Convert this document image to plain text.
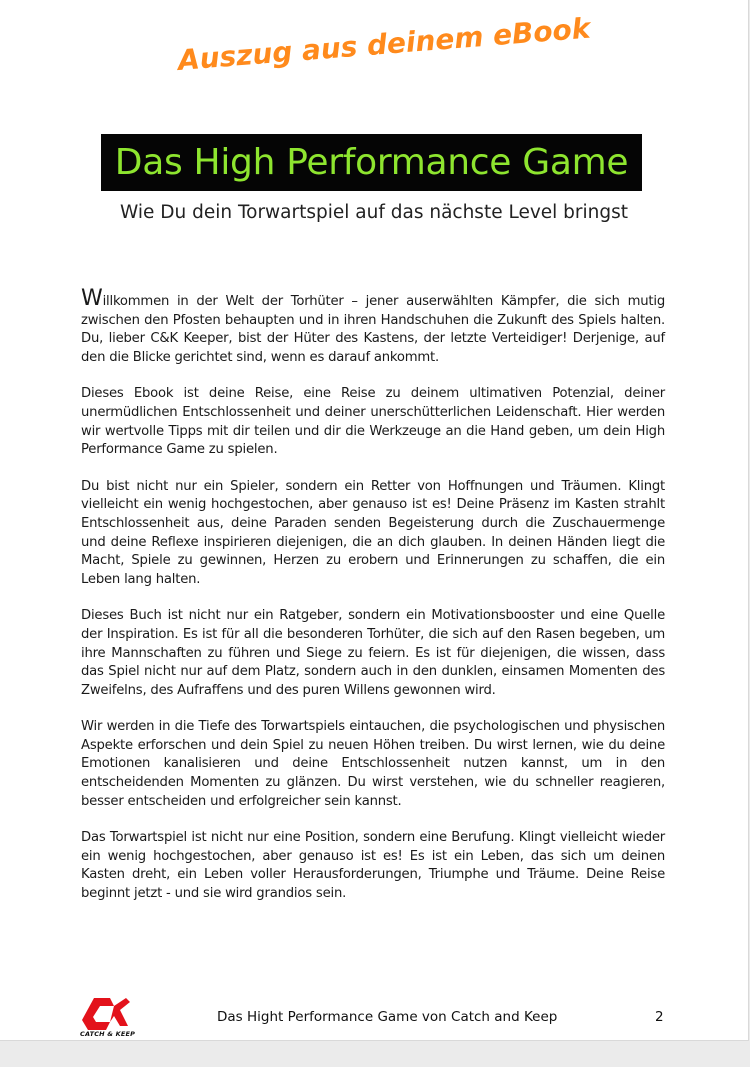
Auszug aus deinem eBook
Das High Performance Game
Wie Du dein Torwartspiel auf das nächste Level bringst

Willkommen in der Welt der Torhüter – jener auserwählten Kämpfer, die sich mutig zwischen den Pfosten behaupten und in ihren Handschuhen die Zukunft des Spiels halten. Du, lieber C&K Keeper, bist der Hüter des Kastens, der letzte Verteidiger! Derjenige, auf den die Blicke gerichtet sind, wenn es darauf ankommt.

Dieses Ebook ist deine Reise, eine Reise zu deinem ultimativen Potenzial, deiner unermüdlichen Entschlossenheit und deiner unerschütterlichen Leidenschaft. Hier werden wir wertvolle Tipps mit dir teilen und dir die Werkzeuge an die Hand geben, um dein High Performance Game zu spielen.

Du bist nicht nur ein Spieler, sondern ein Retter von Hoffnungen und Träumen. Klingt vielleicht ein wenig hochgestochen, aber genauso ist es! Deine Präsenz im Kasten strahlt Entschlossenheit aus, deine Paraden senden Begeisterung durch die Zuschauermenge und deine Reflexe inspirieren diejenigen, die an dich glauben. In deinen Händen liegt die Macht, Spiele zu gewinnen, Herzen zu erobern und Erinnerungen zu schaffen, die ein Leben lang halten.

Dieses Buch ist nicht nur ein Ratgeber, sondern ein Motivationsbooster und eine Quelle der Inspiration. Es ist für all die besonderen Torhüter, die sich auf den Rasen begeben, um ihre Mannschaften zu führen und Siege zu feiern. Es ist für diejenigen, die wissen, dass das Spiel nicht nur auf dem Platz, sondern auch in den dunklen, einsamen Momenten des Zweifelns, des Aufraffens und des puren Willens gewonnen wird.

Wir werden in die Tiefe des Torwartspiels eintauchen, die psychologischen und physischen Aspekte erforschen und dein Spiel zu neuen Höhen treiben. Du wirst lernen, wie du deine Emotionen kanalisieren und deine Entschlossenheit nutzen kannst, um in den entscheidenden Momenten zu glänzen. Du wirst verstehen, wie du schneller reagieren, besser entscheiden und erfolgreicher sein kannst.

Das Torwartspiel ist nicht nur eine Position, sondern eine Berufung. Klingt vielleicht wieder ein wenig hochgestochen, aber genauso ist es! Es ist ein Leben, das sich um deinen Kasten dreht, ein Leben voller Herausforderungen, Triumphe und Träume. Deine Reise beginnt jetzt - und sie wird grandios sein.

CATCH & KEEP
Das Hight Performance Game von Catch and Keep	2
